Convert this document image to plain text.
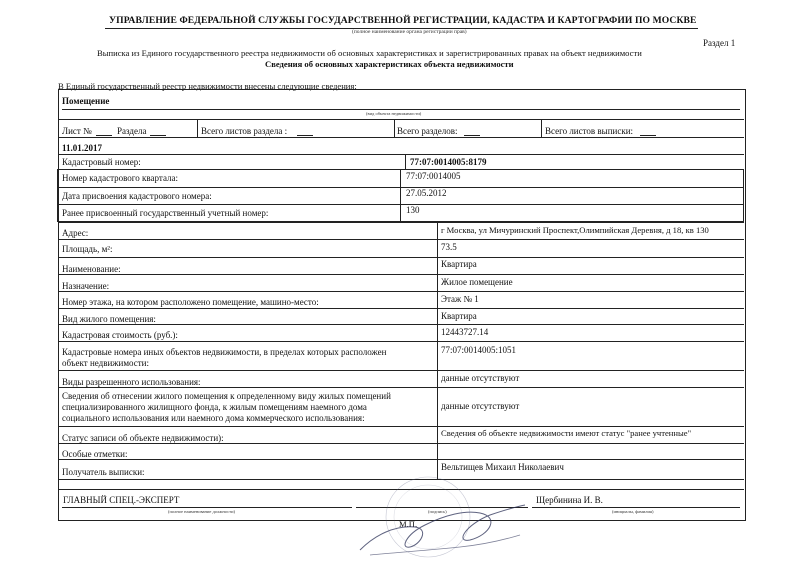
УПРАВЛЕНИЕ ФЕДЕРАЛЬНОЙ СЛУЖБЫ ГОСУДАРСТВЕННОЙ РЕГИСТРАЦИИ, КАДАСТРА И КАРТОГРАФИИ ПО МОСКВЕ
(полное наименование органа регистрации прав)
Раздел 1
Выписка из Единого государственного реестра недвижимости об основных характеристиках и зарегистрированных правах на объект недвижимости
Сведения об основных характеристиках объекта недвижимости
В Единый государственный реестр недвижимости внесены следующие сведения:
Помещение
(вид объекта недвижимости)
Лист №	Раздела	Всего листов раздела :	Всего разделов:	Всего листов выписки:
11.01.2017
Кадастровый номер:	77:07:0014005:8179
Номер кадастрового квартала:	77:07:0014005
Дата присвоения кадастрового номера:	27.05.2012
Ранее присвоенный государственный учетный номер:	130
Адрес:	г Москва, ул Мичуринский Проспект,Олимпийская Деревня, д 18, кв 130
Площадь, м²:	73.5
Наименование:	Квартира
Назначение:	Жилое помещение
Номер этажа, на котором расположено помещение, машино-место:	Этаж № 1
Вид жилого помещения:	Квартира
Кадастровая стоимость (руб.):	12443727.14
Кадастровые номера иных объектов недвижимости, в пределах которых расположен
объект недвижимости:
77:07:0014005:1051
Виды разрешенного использования:	данные отсутствуют
Сведения об отнесении жилого помещения к определенному виду жилых помещений
специализированного жилищного фонда, к жилым помещениям наемного дома
социального использования или наемного дома коммерческого использования:
данные отсутствуют
Статус записи об объекте недвижимости):	Сведения об объекте недвижимости имеют статус "ранее учтенные"
Особые отметки:
Получатель выписки:	Вельтищев Михаил Николаевич
ГЛАВНЫЙ СПЕЦ.-ЭКСПЕРТ
(полное наименование должности)	(подпись)
Щербинина И. В.
(инициалы, фамилия)
М.П.
